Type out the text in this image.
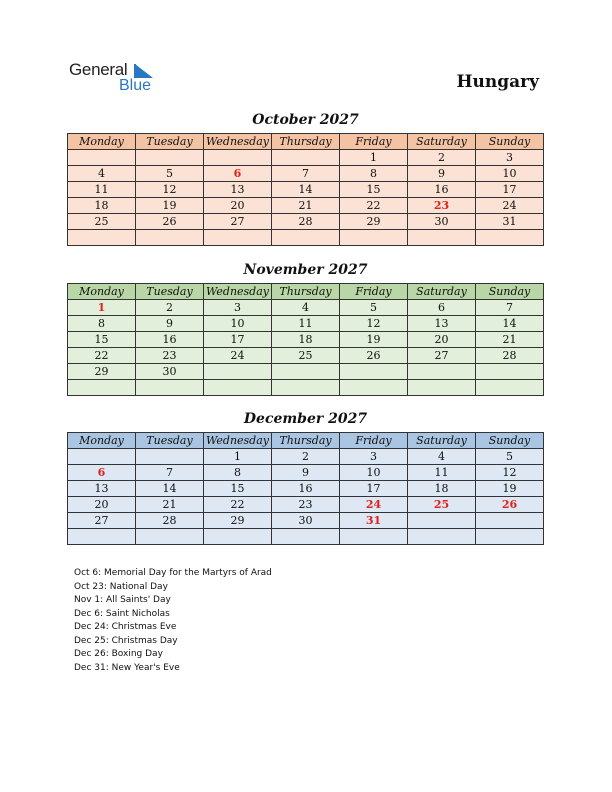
General
Blue	Hungary
October 2027
Monday	Tuesday	Wednesday	Thursday	Friday	Saturday	Sunday
				1	2	3
4	5	6	7	8	9	10
11	12	13	14	15	16	17
18	19	20	21	22	23	24
25	26	27	28	29	30	31

November 2027
Monday	Tuesday	Wednesday	Thursday	Friday	Saturday	Sunday
1	2	3	4	5	6	7
8	9	10	11	12	13	14
15	16	17	18	19	20	21
22	23	24	25	26	27	28
29	30					

December 2027
Monday	Tuesday	Wednesday	Thursday	Friday	Saturday	Sunday
		1	2	3	4	5
6	7	8	9	10	11	12
13	14	15	16	17	18	19
20	21	22	23	24	25	26
27	28	29	30	31		

Oct 6: Memorial Day for the Martyrs of Arad
Oct 23: National Day
Nov 1: All Saints' Day
Dec 6: Saint Nicholas
Dec 24: Christmas Eve
Dec 25: Christmas Day
Dec 26: Boxing Day
Dec 31: New Year's Eve
